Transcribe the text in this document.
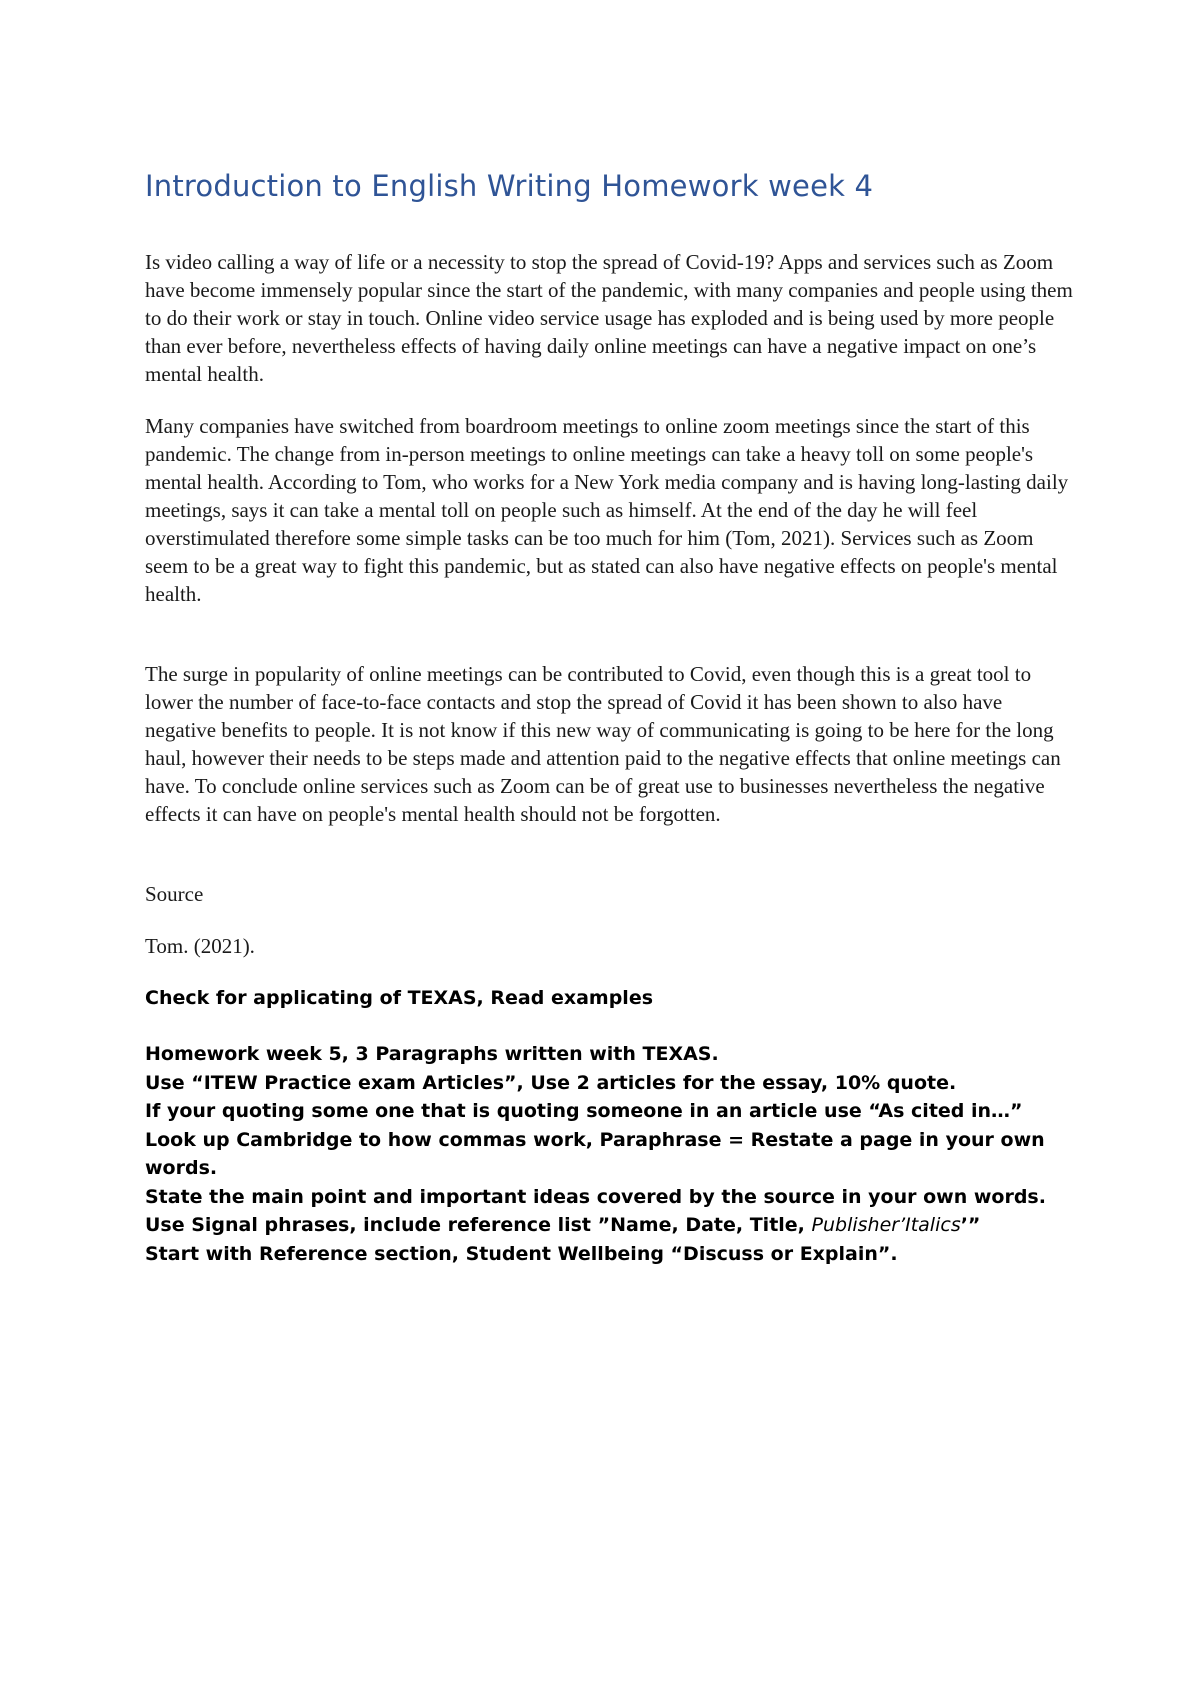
Introduction to English Writing Homework week 4

Is video calling a way of life or a necessity to stop the spread of Covid-19? Apps and services such as Zoom have become immensely popular since the start of the pandemic, with many companies and people using them to do their work or stay in touch. Online video service usage has exploded and is being used by more people than ever before, nevertheless effects of having daily online meetings can have a negative impact on one’s mental health.

Many companies have switched from boardroom meetings to online zoom meetings since the start of this pandemic. The change from in-person meetings to online meetings can take a heavy toll on some people's mental health. According to Tom, who works for a New York media company and is having long-lasting daily meetings, says it can take a mental toll on people such as himself. At the end of the day he will feel overstimulated therefore some simple tasks can be too much for him (Tom, 2021). Services such as Zoom seem to be a great way to fight this pandemic, but as stated can also have negative effects on people's mental health.

The surge in popularity of online meetings can be contributed to Covid, even though this is a great tool to lower the number of face-to-face contacts and stop the spread of Covid it has been shown to also have negative benefits to people. It is not know if this new way of communicating is going to be here for the long haul, however their needs to be steps made and attention paid to the negative effects that online meetings can have. To conclude online services such as Zoom can be of great use to businesses nevertheless the negative effects it can have on people's mental health should not be forgotten.

Source

Tom. (2021).

Check for applicating of TEXAS, Read examples

Homework week 5, 3 Paragraphs written with TEXAS.

Use “ITEW Practice exam Articles”, Use 2 articles for the essay, 10% quote.

If your quoting some one that is quoting someone in an article use “As cited in…”

Look up Cambridge to how commas work, Paraphrase = Restate a page in your own words.

State the main point and important ideas covered by the source in your own words.

Use Signal phrases, include reference list ”Name, Date, Title, Publisher’Italics’”

Start with Reference section, Student Wellbeing “Discuss or Explain”.
